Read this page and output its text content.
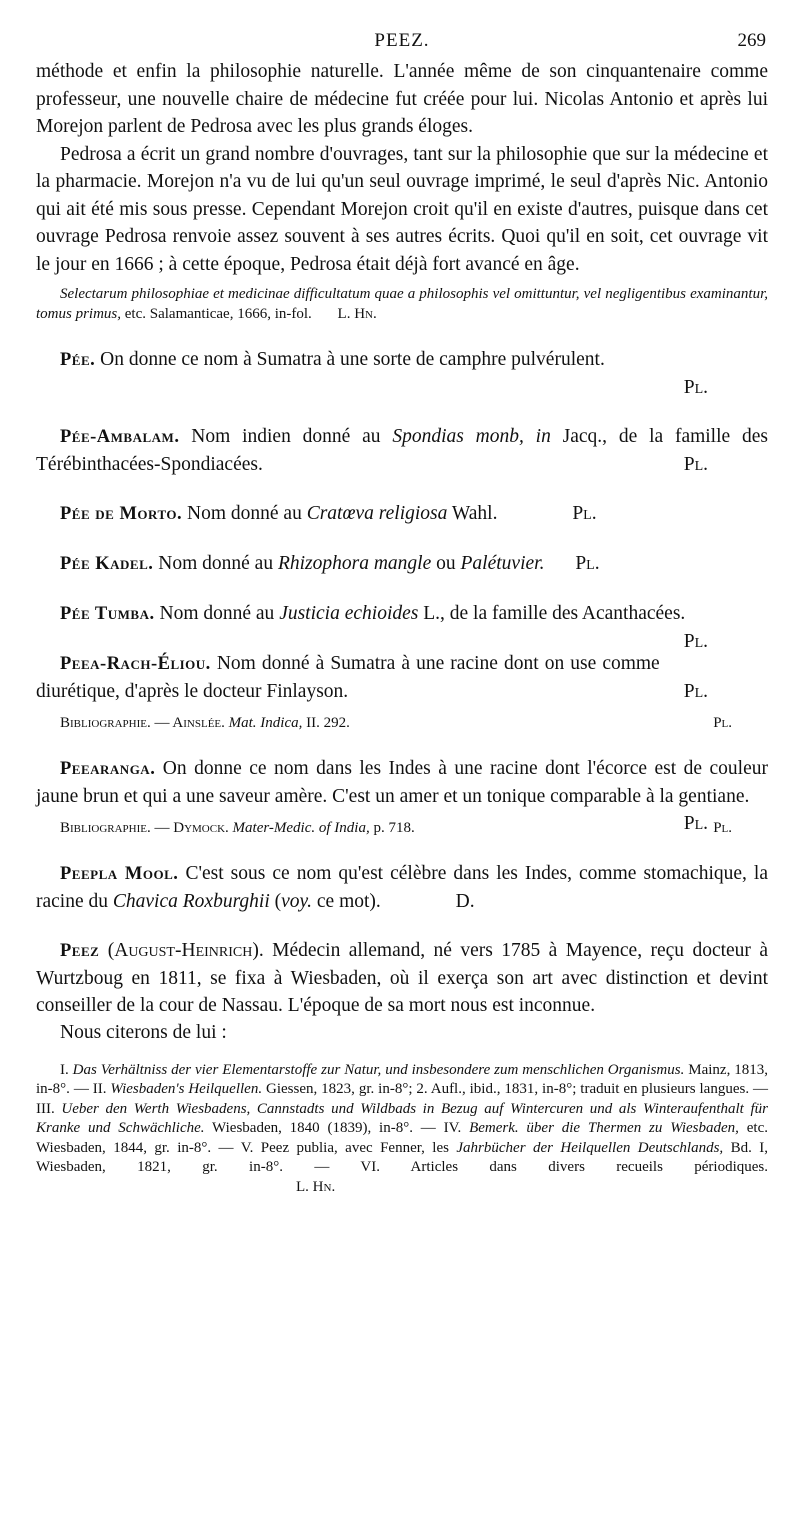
PEEZ.	269

méthode et enfin la philosophie naturelle. L'année même de son cinquantenaire comme professeur, une nouvelle chaire de médecine fut créée pour lui. Nicolas Antonio et après lui Morejon parlent de Pedrosa avec les plus grands éloges.

Pedrosa a écrit un grand nombre d'ouvrages, tant sur la philosophie que sur la médecine et la pharmacie. Morejon n'a vu de lui qu'un seul ouvrage imprimé, le seul d'après Nic. Antonio qui ait été mis sous presse. Cependant Morejon croit qu'il en existe d'autres, puisque dans cet ouvrage Pedrosa renvoie assez souvent à ses autres écrits. Quoi qu'il en soit, cet ouvrage vit le jour en 1666 ; à cette époque, Pedrosa était déjà fort avancé en âge.

Selectarum philosophiae et medicinae difficultatum quae a philosophis vel omittuntur, vel negligentibus examinantur, tomus primus, etc. Salamanticae, 1666, in-fol. L. Hn.

Pée. On donne ce nom à Sumatra à une sorte de camphre pulvérulent.
Pl.
Pée-Ambalam. Nom indien donné au Spondias monb, in Jacq., de la famille des Térébinthacées-Spondiacées.	Pl.
Pée de Morto. Nom donné au Cratœva religiosa Wahl.	Pl.
Pée Kadel. Nom donné au Rhizophora mangle ou Palétuvier. Pl.
Pée Tumba. Nom donné au Justicia echioides L., de la famille des Acanthacées.
Pl.
Peea-Rach-Éliou. Nom donné à Sumatra à une racine dont on use comme diurétique, d'après le docteur Finlayson.	Pl.
Bibliographie. — Ainslée. Mat. Indica, II. 292.	Pl.
Peearanga. On donne ce nom dans les Indes à une racine dont l'écorce est de couleur jaune brun et qui a une saveur amère. C'est un amer et un tonique comparable à la gentiane.
Pl.
Bibliographie. — Dymock. Mater-Medic. of India, p. 718.	Pl.
Peepla Mool. C'est sous ce nom qu'est célèbre dans les Indes, comme stomachique, la racine du Chavica Roxburghii (voy. ce mot).	D.
Peez (August-Heinrich). Médecin allemand, né vers 1785 à Mayence, reçu docteur à Wurtzboug en 1811, se fixa à Wiesbaden, où il exerça son art avec distinction et devint conseiller de la cour de Nassau. L'époque de sa mort nous est inconnue.

Nous citerons de lui :

I. Das Verhältniss der vier Elementarstoffe zur Natur, und insbesondere zum menschlichen Organismus. Mainz, 1813, in-8°. — II. Wiesbaden's Heilquellen. Giessen, 1823, gr. in-8°; 2. Aufl., ibid., 1831, in-8°; traduit en plusieurs langues. — III. Ueber den Werth Wiesbadens, Cannstadts und Wildbads in Bezug auf Wintercuren und als Winteraufenthalt für Kranke und Schwächliche. Wiesbaden, 1840 (1839), in-8°. — IV. Bemerk. über die Thermen zu Wiesbaden, etc. Wiesbaden, 1844, gr. in-8°. — V. Peez publia, avec Fenner, les Jahrbücher der Heilquellen Deutschlands, Bd. I, Wiesbaden, 1821, gr. in-8°. — VI. Articles dans divers recueils périodiques. L. Hn.
